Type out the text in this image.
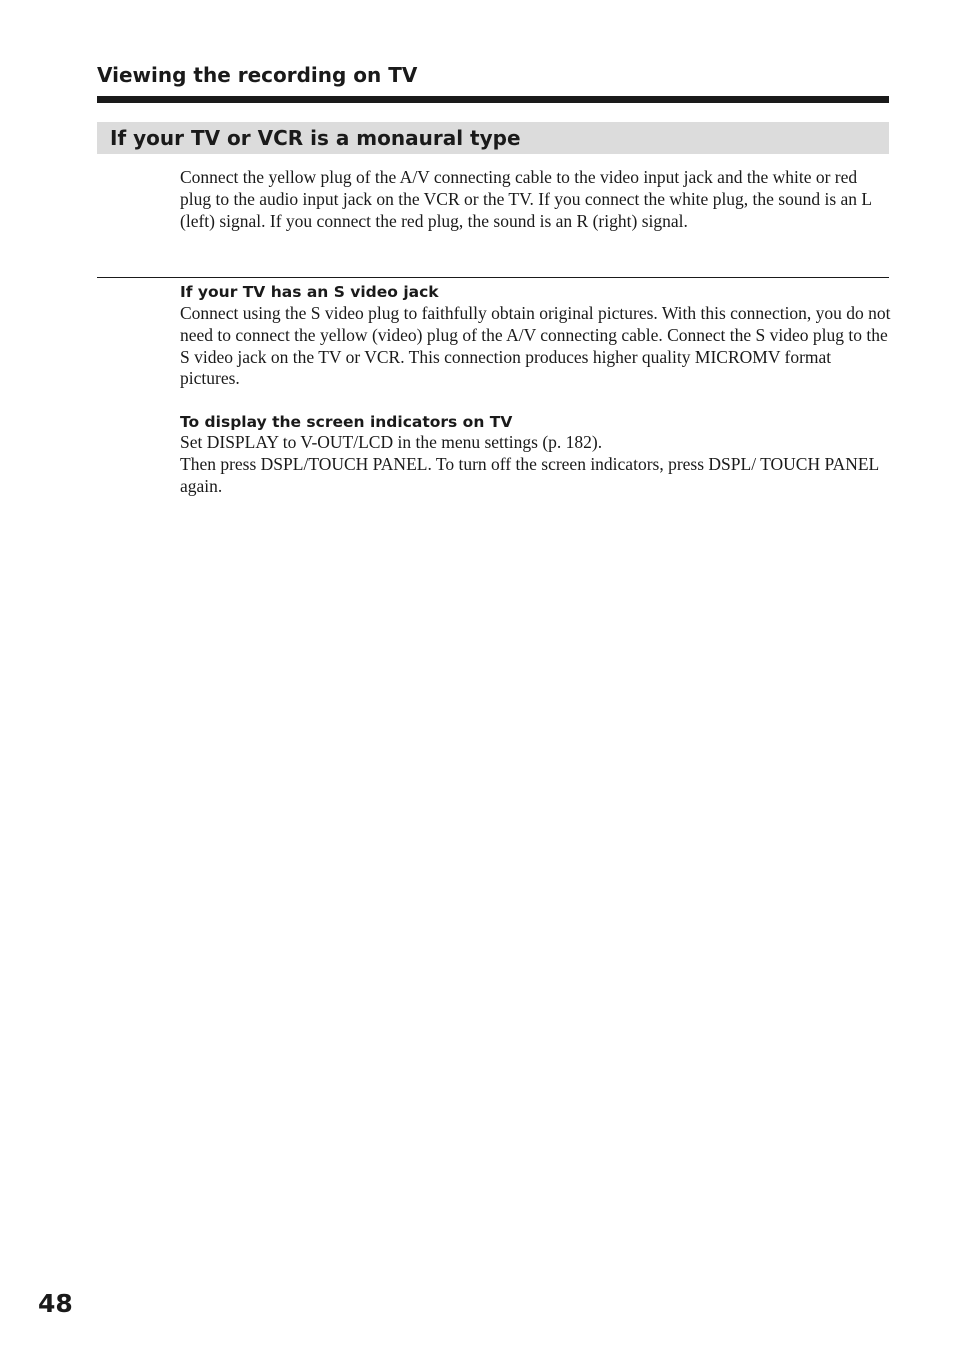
Viewing the recording on TV
If your TV or VCR is a monaural type

Connect the yellow plug of the A/V connecting cable to the video input jack and the white or red plug to the audio input jack on the VCR or the TV. If you connect the white plug, the sound is an L (left) signal. If you connect the red plug, the sound is an R (right) signal.

If your TV has an S video jack

Connect using the S video plug to faithfully obtain original pictures. With this connection, you do not need to connect the yellow (video) plug of the A/V connecting cable. Connect the S video plug to the S video jack on the TV or VCR. This connection produces higher quality MICROMV format pictures.

To display the screen indicators on TV

Set DISPLAY to V-OUT/LCD in the menu settings (p. 182).

Then press DSPL/TOUCH PANEL. To turn off the screen indicators, press DSPL/ TOUCH PANEL again.

48
